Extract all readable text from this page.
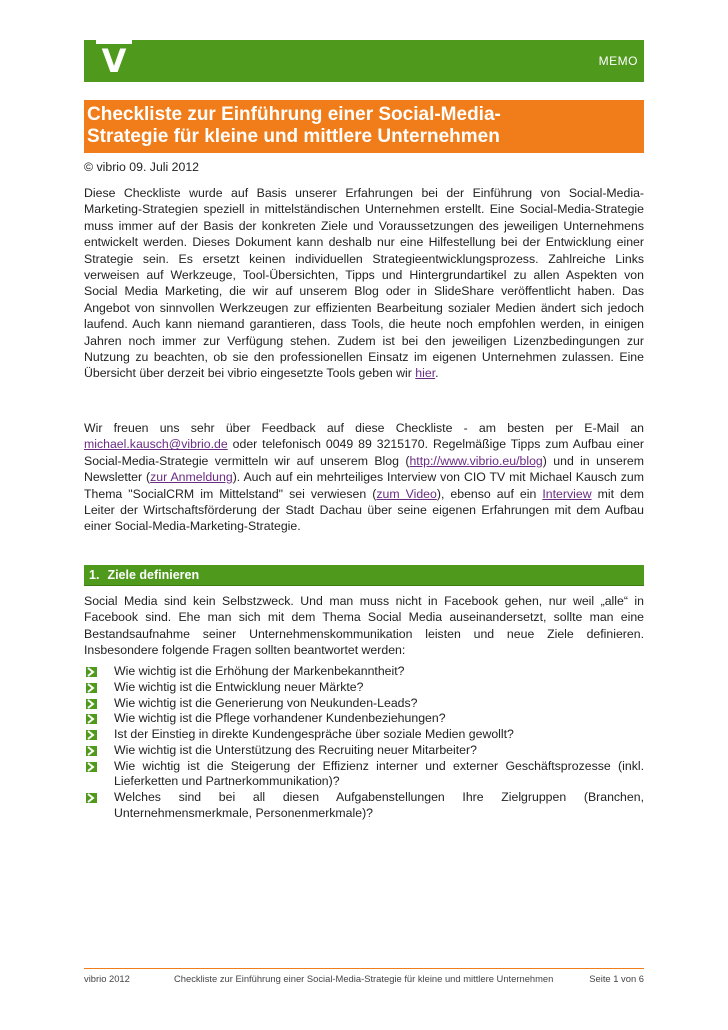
V	MEMO
Checkliste zur Einführung einer Social-Media-
Strategie für kleine und mittlere Unternehmen
© vibrio 09. Juli 2012

Diese Checkliste wurde auf Basis unserer Erfahrungen bei der Einführung von Social-Media-Marketing-Strategien speziell in mittelständischen Unternehmen erstellt. Eine Social-Media-Strategie muss immer auf der Basis der konkreten Ziele und Voraussetzungen des jeweiligen Unternehmens entwickelt werden. Dieses Dokument kann deshalb nur eine Hilfestellung bei der Entwicklung einer Strategie sein. Es ersetzt keinen individuellen Strategieentwicklungsprozess. Zahlreiche Links verweisen auf Werkzeuge, Tool-Übersichten, Tipps und Hintergrundartikel zu allen Aspekten von Social Media Marketing, die wir auf unserem Blog oder in SlideShare veröffentlicht haben. Das Angebot von sinnvollen Werkzeugen zur effizienten Bearbeitung sozialer Medien ändert sich jedoch laufend. Auch kann niemand garantieren, dass Tools, die heute noch empfohlen werden, in einigen Jahren noch immer zur Verfügung stehen. Zudem ist bei den jeweiligen Lizenzbedingungen zur Nutzung zu beachten, ob sie den professionellen Einsatz im eigenen Unternehmen zulassen. Eine Übersicht über derzeit bei vibrio eingesetzte Tools geben wir hier.

Wir freuen uns sehr über Feedback auf diese Checkliste - am besten per E-Mail an michael.kausch@vibrio.de oder telefonisch 0049 89 3215170. Regelmäßige Tipps zum Aufbau einer Social-Media-Strategie vermitteln wir auf unserem Blog (http://www.vibrio.eu/blog) und in unserem Newsletter (zur Anmeldung). Auch auf ein mehrteiliges Interview von CIO TV mit Michael Kausch zum Thema "SocialCRM im Mittelstand" sei verwiesen (zum Video), ebenso auf ein Interview mit dem Leiter der Wirtschaftsförderung der Stadt Dachau über seine eigenen Erfahrungen mit dem Aufbau einer Social-Media-Marketing-Strategie.

1. Ziele definieren

Social Media sind kein Selbstzweck. Und man muss nicht in Facebook gehen, nur weil „alle“ in Facebook sind. Ehe man sich mit dem Thema Social Media auseinandersetzt, sollte man eine Bestandsaufnahme seiner Unternehmenskommunikation leisten und neue Ziele definieren. Insbesondere folgende Fragen sollten beantwortet werden:

Wie wichtig ist die Erhöhung der Markenbekanntheit?
Wie wichtig ist die Entwicklung neuer Märkte?
Wie wichtig ist die Generierung von Neukunden-Leads?
Wie wichtig ist die Pflege vorhandener Kundenbeziehungen?
Ist der Einstieg in direkte Kundengespräche über soziale Medien gewollt?
Wie wichtig ist die Unterstützung des Recruiting neuer Mitarbeiter?
Wie wichtig ist die Steigerung der Effizienz interner und externer Geschäftsprozesse (inkl. Lieferketten und Partnerkommunikation)?
Welches sind bei all diesen Aufgabenstellungen Ihre Zielgruppen (Branchen, Unternehmensmerkmale, Personenmerkmale)?
vibrio 2012	Checkliste zur Einführung einer Social-Media-Strategie für kleine und mittlere Unternehmen	Seite 1 von 6
